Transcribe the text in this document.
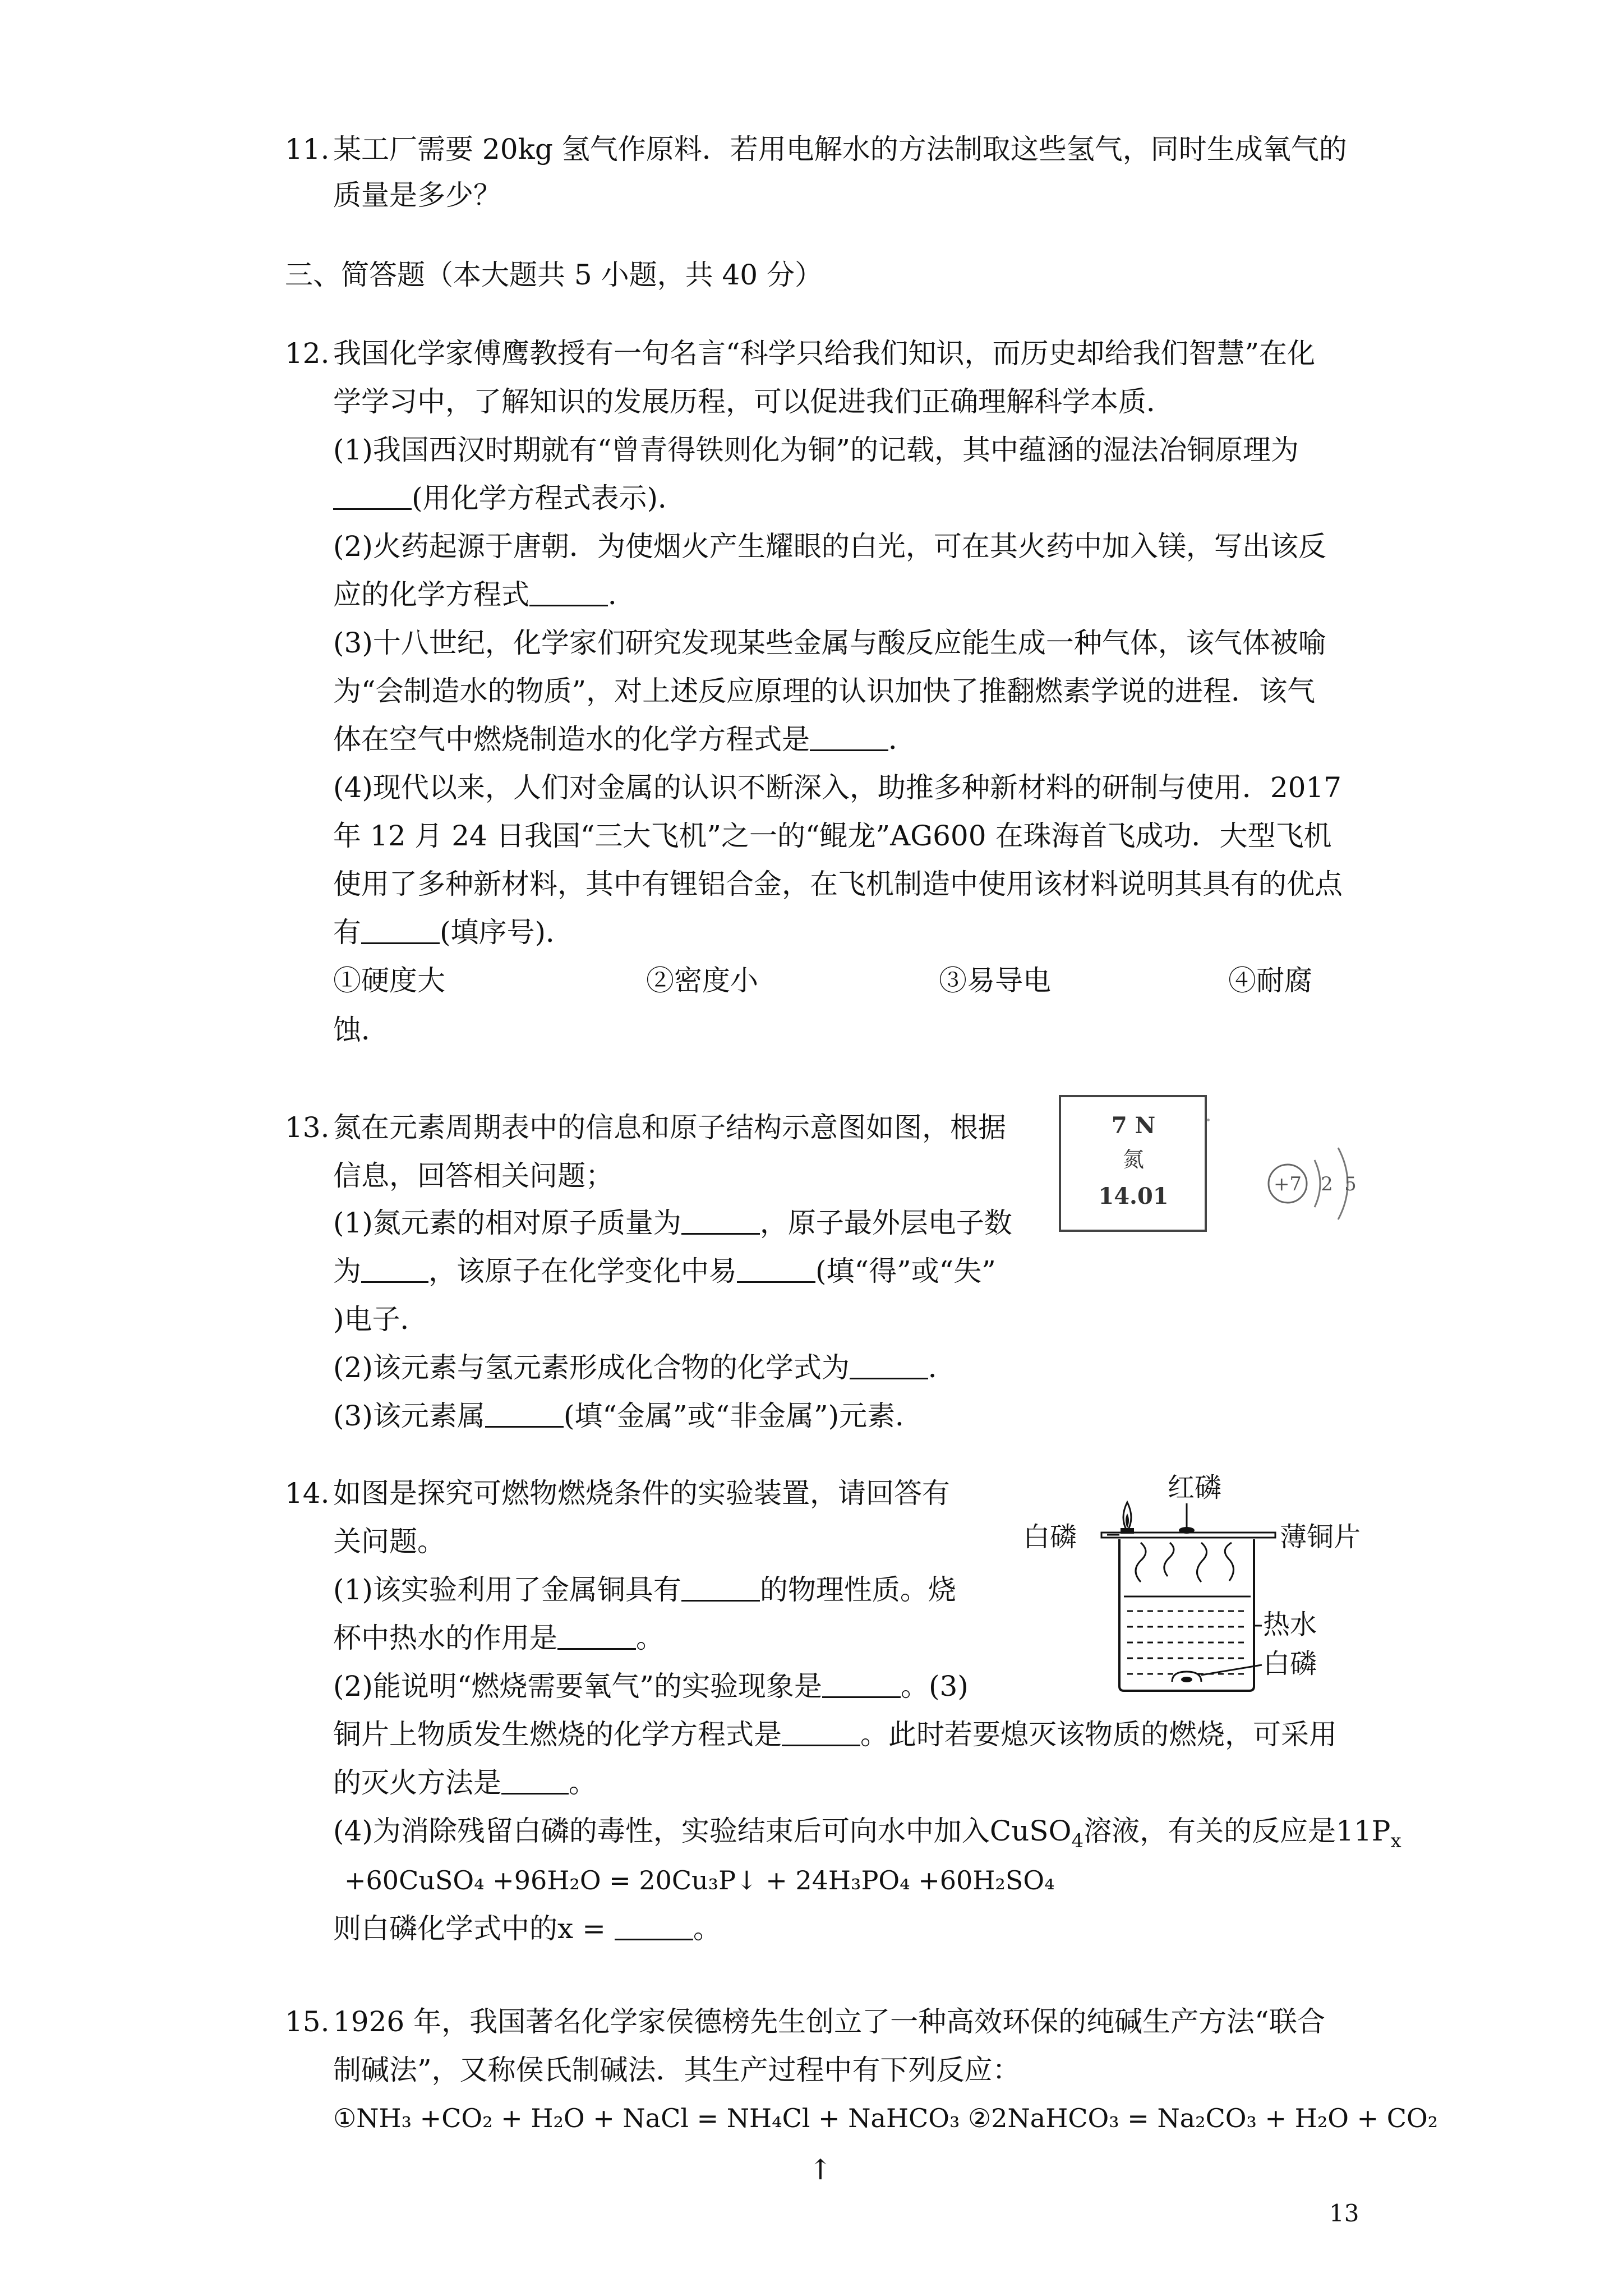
11. 某工厂需要 20kg 氢气作原料．若用电解水的方法制取这些氢气，同时生成氧气的
质量是多少？
三、简答题（本大题共 5 小题，共 40 分）
12. 我国化学家傅鹰教授有一句名言“科学只给我们知识，而历史却给我们智慧”在化
学学习中，了解知识的发展历程，可以促进我们正确理解科学本质．
(1)我国西汉时期就有“曾青得铁则化为铜”的记载，其中蕴涵的湿法冶铜原理为
(用化学方程式表示)．
(2)火药起源于唐朝．为使烟火产生耀眼的白光，可在其火药中加入镁，写出该反
应的化学方程式	．
(3)十八世纪，化学家们研究发现某些金属与酸反应能生成一种气体，该气体被喻
为“会制造水的物质”，对上述反应原理的认识加快了推翻燃素学说的进程．该气
体在空气中燃烧制造水的化学方程式是	．
(4)现代以来，人们对金属的认识不断深入，助推多种新材料的研制与使用．2017
年 12 月 24 日我国“三大飞机”之一的“鲲龙”AG600 在珠海首飞成功．大型飞机
使用了多种新材料，其中有锂铝合金，在飞机制造中使用该材料说明其具有的优点
有	(填序号)．
①硬度大	②密度小	③易导电	④耐腐
蚀．
13. 氮在元素周期表中的信息和原子结构示意图如图，根据
信息，回答相关问题；
(1)氮元素的相对原子质量为	，原子最外层电子数
为 ，该原子在化学变化中易	(填“得”或“失”
)电子．
(2)该元素与氢元素形成化合物的化学式为	．
(3)该元素属	(填“金属”或“非金属”)元素．
7 N
氮
14.01	+7 2 5
14. 如图是探究可燃物燃烧条件的实验装置，请回答有
关问题。
(1)该实验利用了金属铜具有	的物理性质。烧
杯中热水的作用是	。
(2)能说明“燃烧需要氧气”的实验现象是	。(3)
铜片上物质发生燃烧的化学方程式是	。此时若要熄灭该物质的燃烧，可采用
的灭火方法是 。
(4)为消除残留白磷的毒性，实验结束后可向水中加入CuSO$_4$溶液，有关的反应是$11P_x$
+60CuSO₄ +96H₂O = 20Cu₃P↓ + 24H₃PO₄ +60H₂SO₄
则白磷化学式中的x =	。
红磷
白磷	薄铜片
热水
白磷
15. 1926 年，我国著名化学家侯德榜先生创立了一种高效环保的纯碱生产方法“联合
制碱法”，又称侯氏制碱法．其生产过程中有下列反应：
①NH₃ +CO₂ + H₂O + NaCl = NH₄Cl + NaHCO₃ ②2NaHCO₃ = Na₂CO₃ + H₂O + CO₂
↑
13
